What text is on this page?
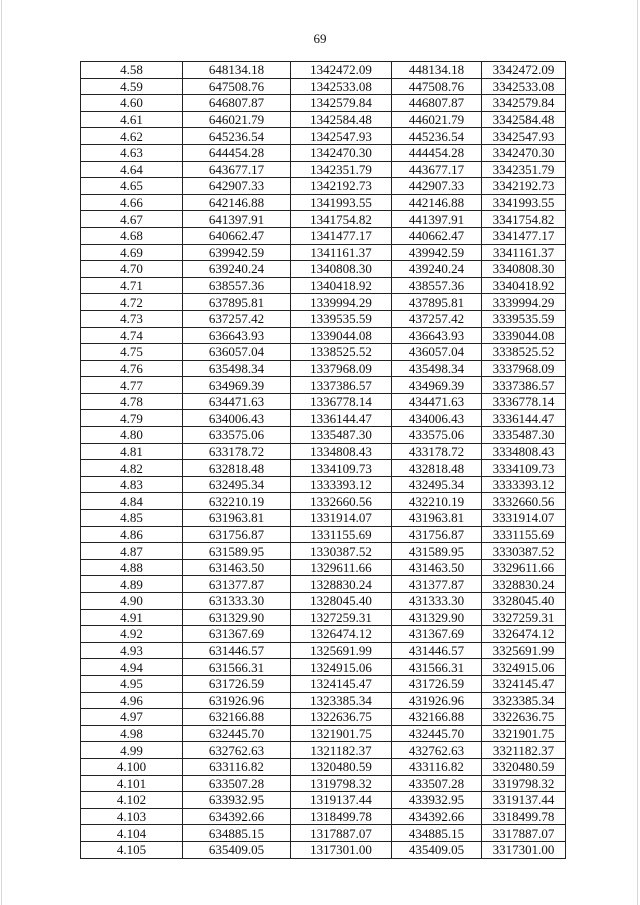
69
4.58	648134.18	1342472.09	448134.18	3342472.09
4.59	647508.76	1342533.08	447508.76	3342533.08
4.60	646807.87	1342579.84	446807.87	3342579.84
4.61	646021.79	1342584.48	446021.79	3342584.48
4.62	645236.54	1342547.93	445236.54	3342547.93
4.63	644454.28	1342470.30	444454.28	3342470.30
4.64	643677.17	1342351.79	443677.17	3342351.79
4.65	642907.33	1342192.73	442907.33	3342192.73
4.66	642146.88	1341993.55	442146.88	3341993.55
4.67	641397.91	1341754.82	441397.91	3341754.82
4.68	640662.47	1341477.17	440662.47	3341477.17
4.69	639942.59	1341161.37	439942.59	3341161.37
4.70	639240.24	1340808.30	439240.24	3340808.30
4.71	638557.36	1340418.92	438557.36	3340418.92
4.72	637895.81	1339994.29	437895.81	3339994.29
4.73	637257.42	1339535.59	437257.42	3339535.59
4.74	636643.93	1339044.08	436643.93	3339044.08
4.75	636057.04	1338525.52	436057.04	3338525.52
4.76	635498.34	1337968.09	435498.34	3337968.09
4.77	634969.39	1337386.57	434969.39	3337386.57
4.78	634471.63	1336778.14	434471.63	3336778.14
4.79	634006.43	1336144.47	434006.43	3336144.47
4.80	633575.06	1335487.30	433575.06	3335487.30
4.81	633178.72	1334808.43	433178.72	3334808.43
4.82	632818.48	1334109.73	432818.48	3334109.73
4.83	632495.34	1333393.12	432495.34	3333393.12
4.84	632210.19	1332660.56	432210.19	3332660.56
4.85	631963.81	1331914.07	431963.81	3331914.07
4.86	631756.87	1331155.69	431756.87	3331155.69
4.87	631589.95	1330387.52	431589.95	3330387.52
4.88	631463.50	1329611.66	431463.50	3329611.66
4.89	631377.87	1328830.24	431377.87	3328830.24
4.90	631333.30	1328045.40	431333.30	3328045.40
4.91	631329.90	1327259.31	431329.90	3327259.31
4.92	631367.69	1326474.12	431367.69	3326474.12
4.93	631446.57	1325691.99	431446.57	3325691.99
4.94	631566.31	1324915.06	431566.31	3324915.06
4.95	631726.59	1324145.47	431726.59	3324145.47
4.96	631926.96	1323385.34	431926.96	3323385.34
4.97	632166.88	1322636.75	432166.88	3322636.75
4.98	632445.70	1321901.75	432445.70	3321901.75
4.99	632762.63	1321182.37	432762.63	3321182.37
4.100	633116.82	1320480.59	433116.82	3320480.59
4.101	633507.28	1319798.32	433507.28	3319798.32
4.102	633932.95	1319137.44	433932.95	3319137.44
4.103	634392.66	1318499.78	434392.66	3318499.78
4.104	634885.15	1317887.07	434885.15	3317887.07
4.105	635409.05	1317301.00	435409.05	3317301.00
